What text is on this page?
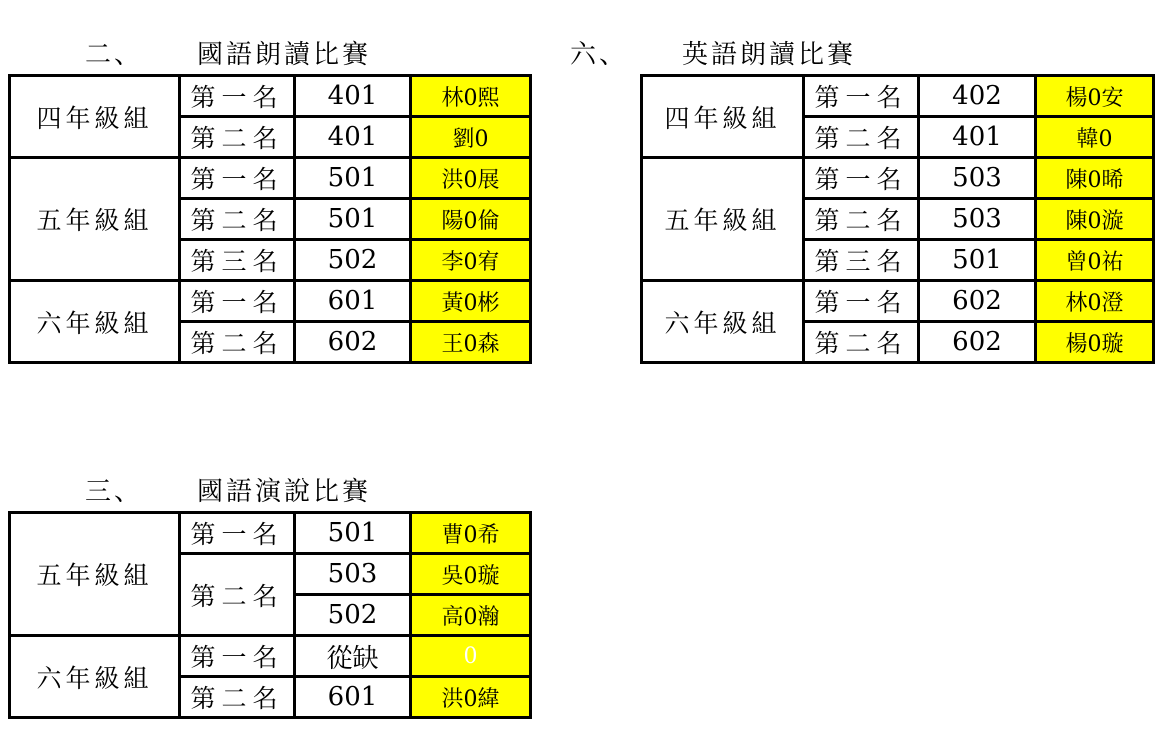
二、 國語朗讀比賽
四年級組	第一名	401	林0熙
	第二名	401	劉0
五年級組	第一名	501	洪0展
	第二名	501	陽0倫
	第三名	502	李0宥
六年級組	第一名	601	黃0彬
	第二名	602	王0森
六、 英語朗讀比賽
四年級組	第一名	402	楊0安
	第二名	401	韓0
五年級組	第一名	503	陳0晞
	第二名	503	陳0漩
	第三名	501	曾0祐
六年級組	第一名	602	林0澄
	第二名	602	楊0璇
三、 國語演說比賽
五年級組	第一名	501	曹0希
	第二名	503	吳0璇
		502	高0瀚
六年級組	第一名	從缺	0
	第二名	601	洪0緯
